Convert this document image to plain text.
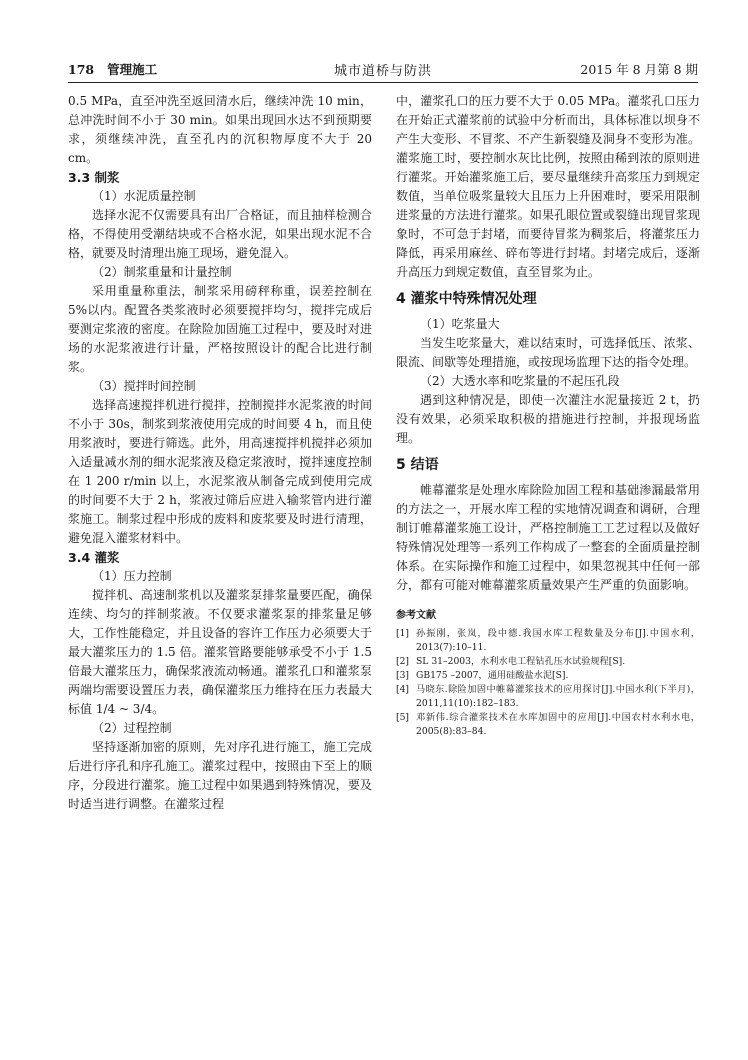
178 管理施工	城市道桥与防洪	2015 年 8 月第 8 期

0.5 MPa，直至冲洗至返回清水后，继续冲洗 10 min，总冲洗时间不小于 30 min。如果出现回水达不到预期要求，须继续冲洗，直至孔内的沉积物厚度不大于 20 cm。

3.3 制浆
（1）水泥质量控制

选择水泥不仅需要具有出厂合格证，而且抽样检测合格，不得使用受潮结块或不合格水泥，如果出现水泥不合格，就要及时清理出施工现场，避免混入。

（2）制浆重量和计量控制

采用重量称重法，制浆采用磅秤称重，误差控制在 5%以内。配置各类浆液时必须要搅拌均匀，搅拌完成后要测定浆液的密度。在除险加固施工过程中，要及时对进场的水泥浆液进行计量，严格按照设计的配合比进行制浆。

（3）搅拌时间控制

选择高速搅拌机进行搅拌，控制搅拌水泥浆液的时间不小于 30s，制浆到浆液使用完成的时间要 4 h，而且使用浆液时，要进行筛选。此外，用高速搅拌机搅拌必须加入适量减水剂的细水泥浆液及稳定浆液时，搅拌速度控制在 1 200 r/min 以上，水泥浆液从制备完成到使用完成的时间要不大于 2 h，浆液过筛后应进入输浆管内进行灌浆施工。制浆过程中形成的废料和废浆要及时进行清理，避免混入灌浆材料中。

3.4 灌浆
（1）压力控制

搅拌机、高速制浆机以及灌浆泵排浆量要匹配，确保连续、均匀的拌制浆液。不仅要求灌浆泵的排浆量足够大，工作性能稳定，并且设备的容许工作压力必须要大于最大灌浆压力的 1.5 倍。灌浆管路要能够承受不小于 1.5 倍最大灌浆压力，确保浆液流动畅通。灌浆孔口和灌浆泵两端均需要设置压力表，确保灌浆压力维持在压力表最大标值 1/4 ~ 3/4。

（2）过程控制

坚持逐渐加密的原则，先对序孔进行施工，施工完成后进行序孔和序孔施工。灌浆过程中，按照由下至上的顺序，分段进行灌浆。施工过程中如果遇到特殊情况，要及时适当进行调整。在灌浆过程

中，灌浆孔口的压力要不大于 0.05 MPa。灌浆孔口压力在开始正式灌浆前的试验中分析而出，具体标准以坝身不产生大变形、不冒浆、不产生新裂缝及洞身不变形为准。灌浆施工时，要控制水灰比比例，按照由稀到浓的原则进行灌浆。开始灌浆施工后，要尽量继续升高浆压力到规定数值，当单位吸浆量较大且压力上升困难时，要采用限制进浆量的方法进行灌浆。如果孔眼位置或裂缝出现冒浆现象时，不可急于封堵，而要待冒浆为稠浆后，将灌浆压力降低，再采用麻丝、碎布等进行封堵。封堵完成后，逐渐升高压力到规定数值，直至冒浆为止。

4 灌浆中特殊情况处理
（1）吃浆量大

当发生吃浆量大，难以结束时，可选择低压、浓浆、限流、间歇等处理措施，或按现场监理下达的指令处理。

（2）大透水率和吃浆量的不起压孔段

遇到这种情况是，即使一次灌注水泥量接近 2 t，扔没有效果，必须采取积极的措施进行控制，并报现场监理。

5 结语

帷幕灌浆是处理水库除险加固工程和基础渗漏最常用的方法之一，开展水库工程的实地情况调查和调研，合理制订帷幕灌浆施工设计，严格控制施工工艺过程以及做好特殊情况处理等一系列工作构成了一整套的全面质量控制体系。在实际操作和施工过程中，如果忽视其中任何一部分，都有可能对帷幕灌浆质量效果产生严重的负面影响。

参考文献
[1] 孙振刚，张岚，段中德.我国水库工程数量及分布[J].中国水利，2013(7):10–11.
[2] SL 31–2003，水利水电工程钻孔压水试验规程[S].
[3] GB175 –2007，通用硅酸盐水泥[S].
[4] 马晓东.除险加固中帷幕灌浆技术的应用探讨[J].中国水利(下半月)，2011,11(10):182–183.
[5] 邓新伟.综合灌浆技术在水库加固中的应用[J].中国农村水利水电，2005(8):83–84.
